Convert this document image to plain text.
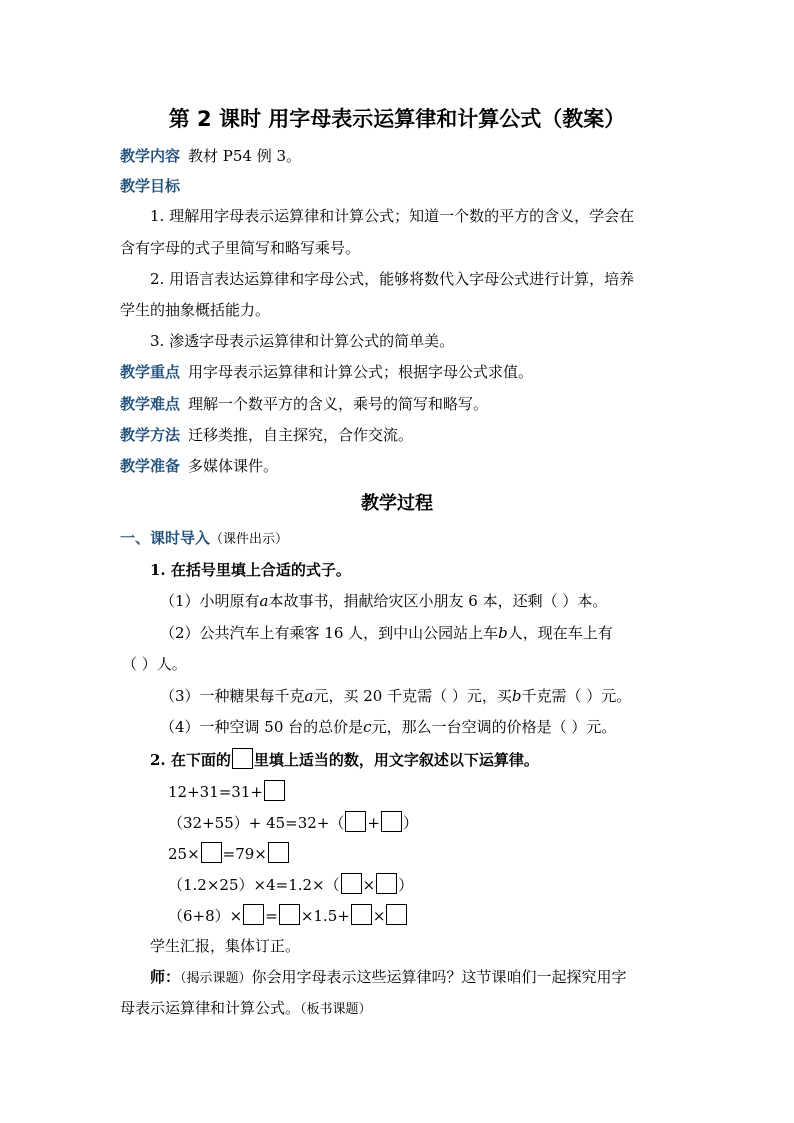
第 2 课时 用字母表示运算律和计算公式（教案）
教学内容 教材 P54 例 3。
教学目标
1. 理解用字母表示运算律和计算公式；知道一个数的平方的含义，学会在
含有字母的式子里简写和略写乘号。
2. 用语言表达运算律和字母公式，能够将数代入字母公式进行计算，培养
学生的抽象概括能力。
3. 渗透字母表示运算律和计算公式的简单美。
教学重点 用字母表示运算律和计算公式；根据字母公式求值。
教学难点 理解一个数平方的含义，乘号的简写和略写。
教学方法 迁移类推，自主探究，合作交流。
教学准备 多媒体课件。
教学过程
一、课时导入（课件出示）
1. 在括号里填上合适的式子。
（1）小明原有a本故事书，捐献给灾区小朋友 6 本，还剩（ ）本。
（2）公共汽车上有乘客 16 人，到中山公园站上车b人，现在车上有
（ ）人。
（3）一种糖果每千克a元，买 20 千克需（ ）元，买b千克需（ ）元。
（4）一种空调 50 台的总价是c元，那么一台空调的价格是（ ）元。
2. 在下面的 里填上适当的数，用文字叙述以下运算律。
12+31=31+
（32+55）+ 45=32+（ + ）
25× =79×
（1.2×25）×4=1.2×（ × ）
（6+8）× = ×1.5+ ×
学生汇报，集体订正。
师：（揭示课题）你会用字母表示这些运算律吗？这节课咱们一起探究用字
母表示运算律和计算公式。（板书课题）
